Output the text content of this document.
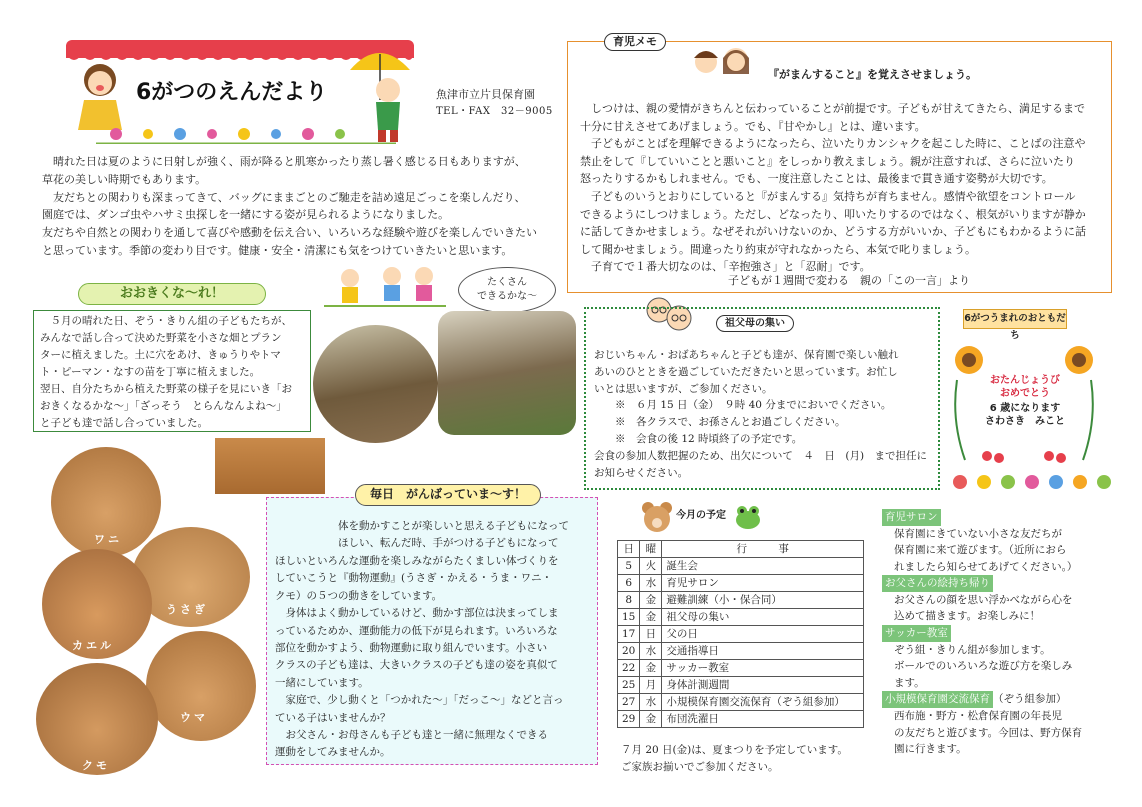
6がつのえんだより	魚津市立片貝保育園
TEL・FAX　32－9005
　晴れた日は夏のように日射しが強く、雨が降ると肌寒かったり蒸し暑く感じる日もありますが、
草花の美しい時期でもあります。
　友だちとの関わりも深まってきて、バッグにままごとのご馳走を詰め遠足ごっこを楽しんだり、
園庭では、ダンゴ虫やハサミ虫探しを一緒にする姿が見られるようになりました。
友だちや自然との関わりを通して喜びや感動を伝え合い、いろいろな経験や遊びを楽しんでいきたい
と思っています。季節の変わり目です。健康・安全・清潔にも気をつけていきたいと思います。
育児メモ
『がまんすること』を覚えさせましょう。
　しつけは、親の愛情がきちんと伝わっていることが前提です。子どもが甘えてきたら、満足するまで
十分に甘えさせてあげましょう。でも、『甘やかし』とは、違います。
　子どもがことばを理解できるようになったら、泣いたりカンシャクを起こした時に、ことばの注意や
禁止をして『していいことと悪いこと』をしっかり教えましょう。親が注意すれば、さらに泣いたり
怒ったりするかもしれません。でも、一度注意したことは、最後まで貫き通す姿勢が大切です。
　子どものいうとおりにしていると『がまんする』気持ちが育ちません。感情や欲望をコントロール
できるようにしつけましょう。ただし、どなったり、叩いたりするのではなく、根気がいりますが静か
に話してきかせましょう。なぜそれがいけないのか、どうする方がいいか、子どもにもわかるように話
して聞かせましょう。間違ったり約束が守れなかったら、本気で叱りましょう。
　子育てで１番大切なのは、「辛抱強さ」と「忍耐」です。
子どもが１週間で変わる　親の「この一言」より
おおきくな～れ！
たくさん
できるかな～
　５月の晴れた日、ぞう・きりん組の子どもたちが、
みんなで話し合って決めた野菜を小さな畑とプラン
ターに植えました。土に穴をあけ、きゅうりやトマ
ト・ピーマン・なすの苗を丁寧に植えました。
翌日、自分たちから植えた野菜の様子を見にいき「お
おきくなるかな～」「ざっそう　とらんなんよね～」
と子ども達で話し合っていました。
祖父母の集い
おじいちゃん・おばあちゃんと子ども達が、保育園で楽しい触れ
あいのひとときを過ごしていただきたいと思っています。お忙し
いとは思いますが、ご参加ください。
　　※　６月 15 日（金）　９時 40 分までにおいでください。
　　※　各クラスで、お孫さんとお過ごしください。
　　※　会食の後 12 時頃終了の予定です。
会食の参加人数把握のため、出欠について　４　日　(月)　まで担任に
お知らせください。
6がつうまれのおともだち
おたんじょうび
おめでとう
6 歳になります
さわさき　みこと
ワニ
うさぎ
カエル
ウマ
クモ
　　　　　　体を動かすことが楽しいと思える子どもになって
　　　　　　ほしい、転んだ時、手がつける子どもになって
ほしいといろんな運動を楽しみながらたくましい体づくりを
していこうと『動物運動』(うさぎ・かえる・うま・ワニ・
クモ）の５つの動きをしています。
　身体はよく動かしているけど、動かす部位は決まってしま
っているためか、運動能力の低下が見られます。いろいろな
部位を動かすよう、動物運動に取り組んでいます。小さい
クラスの子ども達は、大きいクラスの子ども達の姿を真似て
一緒にしています。
　家庭で、少し動くと「つかれた～」「だっこ～」などと言っ
ている子はいませんか？
　お父さん・お母さんも子ども達と一緒に無理なくできる
運動をしてみませんか。
毎日　がんばっていま～す！
今月の予定
日	曜	行　　　事
5	火	誕生会
6	水	育児サロン
8	金	避難訓練（小・保合同）
15	金	祖父母の集い
17	日	父の日
20	水	交通指導日
22	金	サッカー教室
25	月	身体計測週間
27	水	小規模保育園交流保育（ぞう組参加）
29	金	布団洗濯日
７月 20 日(金)は、夏まつりを予定しています。
ご家族お揃いでご参加ください。
育児サロン
保育園にきていない小さな友だちが
保育園に来て遊びます。（近所におら
れましたら知らせてあげてください。）
お父さんの絵持ち帰り
お父さんの顔を思い浮かべながら心を
込めて描きます。お楽しみに！
サッカー教室
ぞう組・きりん組が参加します。
ボールでのいろいろな遊び方を楽しみ
ます。
小規模保育園交流保育 （ぞう組参加）
西布施・野方・松倉保育園の年長児
の友だちと遊びます。今回は、野方保育
園に行きます。
